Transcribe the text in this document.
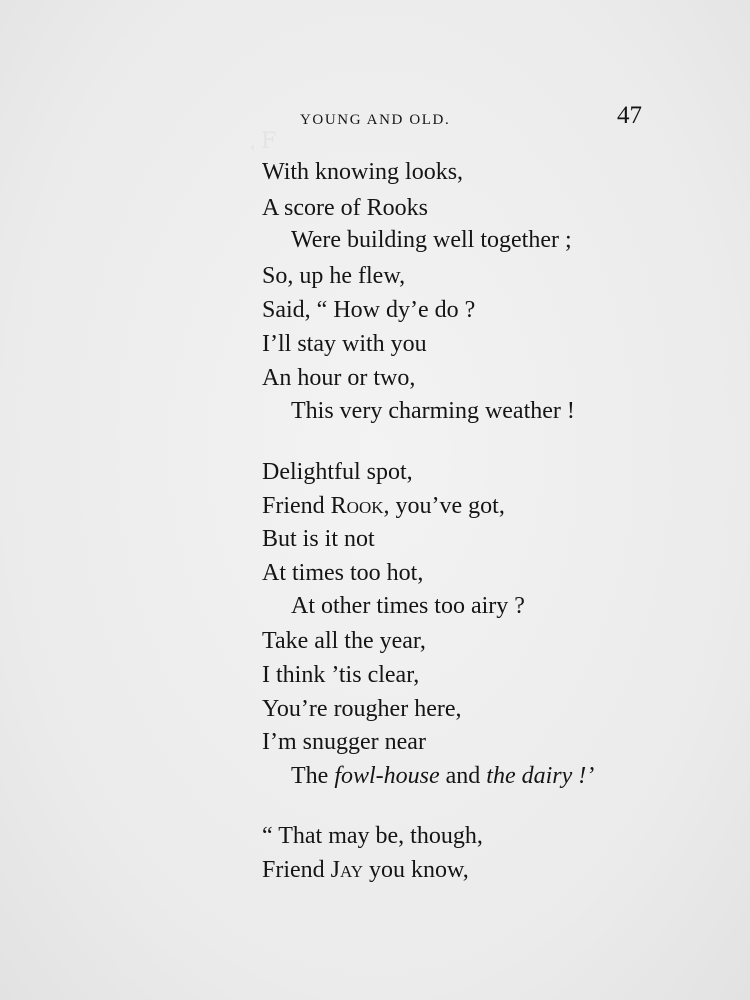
YOUNG AND OLD.	47
With knowing looks,
A score of Rooks
Were building well together ;
So, up he flew,
Said, “ How dy’e do ?
I’ll stay with you
An hour or two,
This very charming weather !
Delightful spot,
Friend Rook, you’ve got,
But is it not
At times too hot,
At other times too airy ?
Take all the year,
I think ’tis clear,
You’re rougher here,
I’m snugger near
The fowl-house and the dairy !’
“ That may be, though,
Friend Jay you know,
